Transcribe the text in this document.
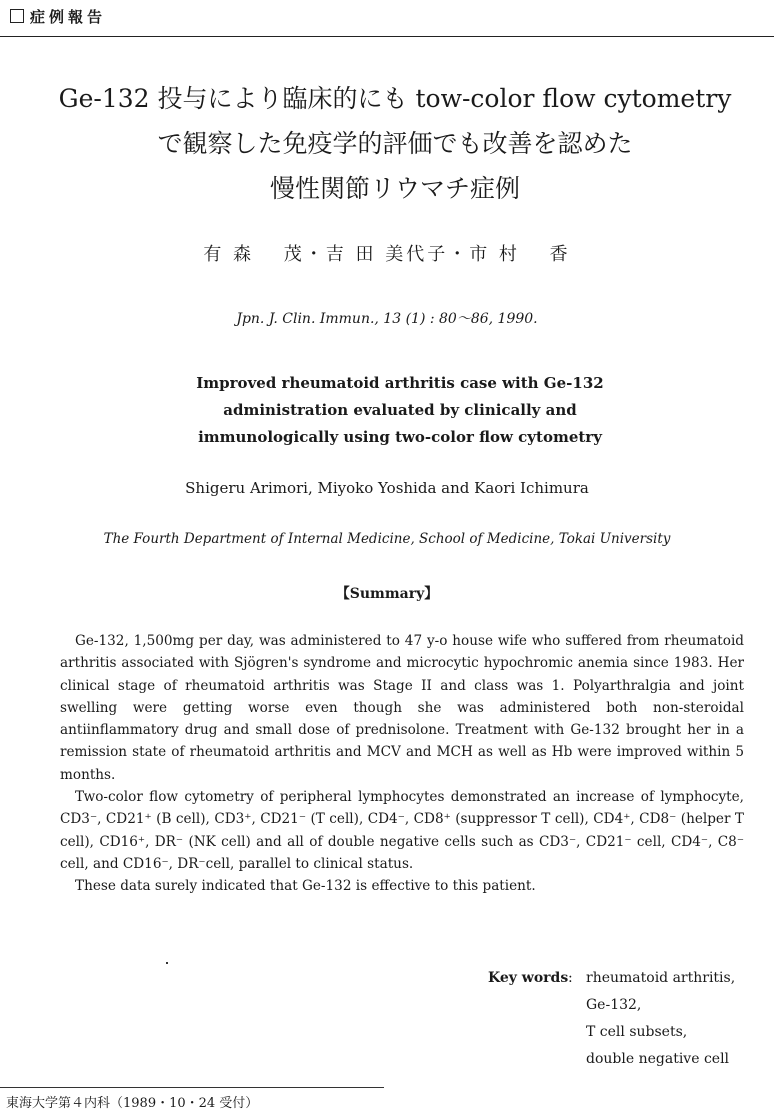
症例報告
Ge-132 投与により臨床的にも tow-color flow cytometry
で観察した免疫学的評価でも改善を認めた
慢性関節リウマチ症例
有 森 　茂・吉 田 美代子・市 村 　香
Jpn. J. Clin. Immun., 13 (1) : 80〜86, 1990.
Improved rheumatoid arthritis case with Ge-132
administration evaluated by clinically and
immunologically using two-color flow cytometry
Shigeru Arimori, Miyoko Yoshida and Kaori Ichimura
The Fourth Department of Internal Medicine, School of Medicine, Tokai University
【Summary】

Ge-132, 1,500mg per day, was administered to 47 y-o house wife who suffered from rheumatoid arthritis associated with Sjögren's syndrome and microcytic hypochromic anemia since 1983. Her clinical stage of rheumatoid arthritis was Stage II and class was 1. Polyarthralgia and joint swelling were getting worse even though she was administered both non-steroidal antiinflammatory drug and small dose of prednisolone. Treatment with Ge-132 brought her in a remission state of rheumatoid arthritis and MCV and MCH as well as Hb were improved within 5 months.

Two-color flow cytometry of peripheral lymphocytes demonstrated an increase of lymphocyte, CD3⁻, CD21⁺ (B cell), CD3⁺, CD21⁻ (T cell), CD4⁻, CD8⁺ (suppressor T cell), CD4⁺, CD8⁻ (helper T cell), CD16⁺, DR⁻ (NK cell) and all of double negative cells such as CD3⁻, CD21⁻ cell, CD4⁻, C8⁻ cell, and CD16⁻, DR⁻cell, parallel to clinical status.

These data surely indicated that Ge-132 is effective to this patient.

Key words : rheumatoid arthritis,
Ge-132,
T cell subsets,
double negative cell
東海大学第４内科（1989・10・24 受付）
